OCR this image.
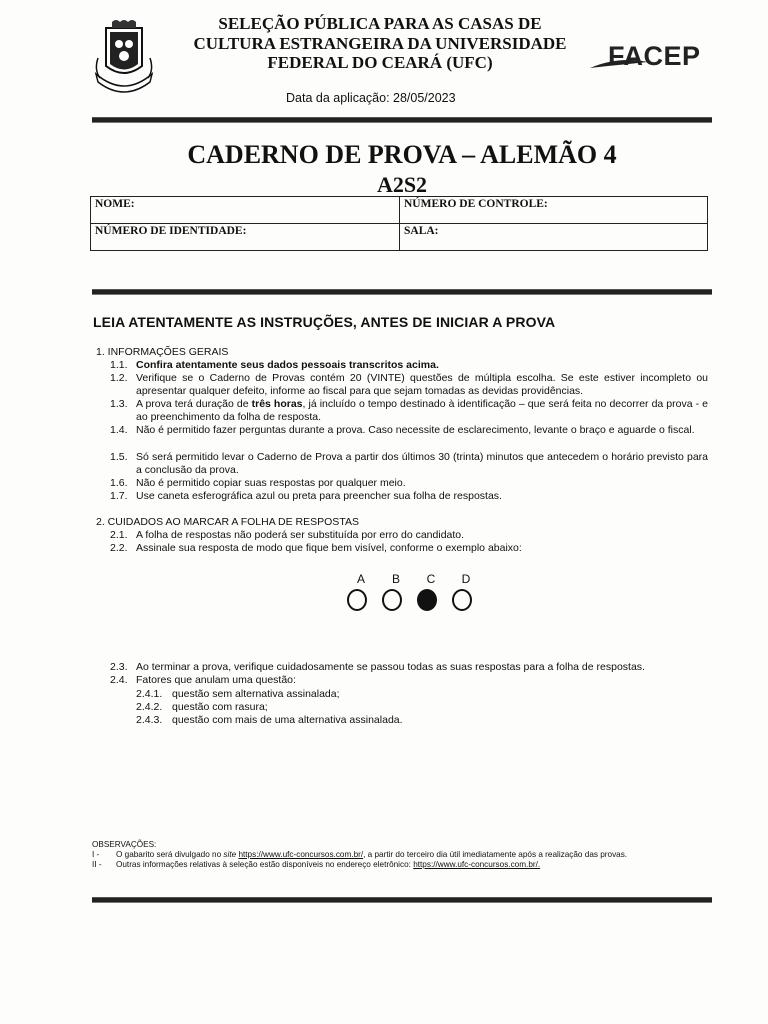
SELEÇÃO PÚBLICA PARA AS CASAS DE
CULTURA ESTRANGEIRA DA UNIVERSIDADE
FEDERAL DO CEARÁ (UFC)	FACEP
Data da aplicação: 28/05/2023
CADERNO DE PROVA – ALEMÃO 4
A2S2
NOME:	NÚMERO DE CONTROLE:
NÚMERO DE IDENTIDADE:	SALA:
LEIA ATENTAMENTE AS INSTRUÇÕES, ANTES DE INICIAR A PROVA
1. INFORMAÇÕES GERAIS
1.1. Confira atentamente seus dados pessoais transcritos acima.
1.2. Verifique se o Caderno de Provas contém 20 (VINTE) questões de múltipla escolha. Se este estiver incompleto ou apresentar qualquer defeito, informe ao fiscal para que sejam tomadas as devidas providências.
1.3. A prova terá duração de três horas, já incluído o tempo destinado à identificação – que será feita no decorrer da prova - e ao preenchimento da folha de resposta.
1.4. Não é permitido fazer perguntas durante a prova. Caso necessite de esclarecimento, levante o braço e aguarde o fiscal.
1.5. Só será permitido levar o Caderno de Prova a partir dos últimos 30 (trinta) minutos que antecedem o horário previsto para a conclusão da prova.
1.6. Não é permitido copiar suas respostas por qualquer meio.
1.7. Use caneta esferográfica azul ou preta para preencher sua folha de respostas.
2. CUIDADOS AO MARCAR A FOLHA DE RESPOSTAS
2.1. A folha de respostas não poderá ser substituída por erro do candidato.
2.2. Assinale sua resposta de modo que fique bem visível, conforme o exemplo abaixo:
A	B	C	D
2.3. Ao terminar a prova, verifique cuidadosamente se passou todas as suas respostas para a folha de respostas.
2.4. Fatores que anulam uma questão:
2.4.1. questão sem alternativa assinalada;
2.4.2. questão com rasura;
2.4.3. questão com mais de uma alternativa assinalada.
OBSERVAÇÕES:
I - O gabarito será divulgado no site https://www.ufc-concursos.com.br/, a partir do terceiro dia útil imediatamente após a realização das provas.
II - Outras informações relativas à seleção estão disponíveis no endereço eletrônico: https://www.ufc-concursos.com.br/.
